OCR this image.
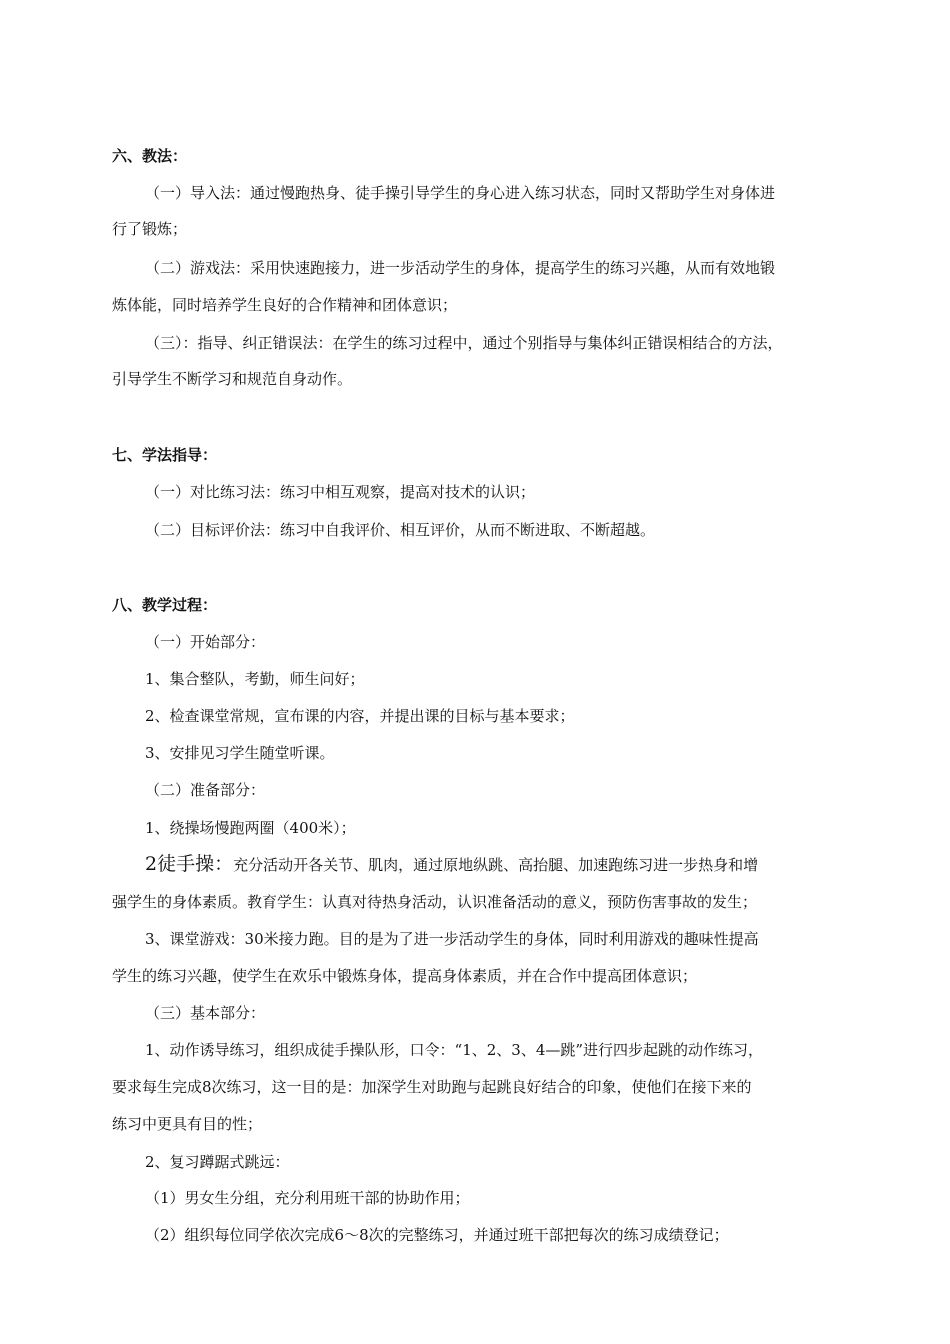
六、教法：
（一）导入法：通过慢跑热身、徒手操引导学生的身心进入练习状态，同时又帮助学生对身体进
行了锻炼；
（二）游戏法：采用快速跑接力，进一步活动学生的身体，提高学生的练习兴趣，从而有效地锻
炼体能，同时培养学生良好的合作精神和团体意识；
（三）：指导、纠正错误法：在学生的练习过程中，通过个别指导与集体纠正错误相结合的方法，
引导学生不断学习和规范自身动作。
七、学法指导：
（一）对比练习法：练习中相互观察，提高对技术的认识；
（二）目标评价法：练习中自我评价、相互评价，从而不断进取、不断超越。
八、教学过程：
（一）开始部分：
1、集合整队，考勤，师生问好；
2、检查课堂常规，宣布课的内容，并提出课的目标与基本要求；
3、安排见习学生随堂听课。
（二）准备部分：
1、绕操场慢跑两圈（400米）；
2徒手操：充分活动开各关节、肌肉，通过原地纵跳、高抬腿、加速跑练习进一步热身和增
强学生的身体素质。教育学生：认真对待热身活动，认识准备活动的意义，预防伤害事故的发生；
3、课堂游戏：30米接力跑。目的是为了进一步活动学生的身体，同时利用游戏的趣味性提高
学生的练习兴趣，使学生在欢乐中锻炼身体，提高身体素质，并在合作中提高团体意识；
（三）基本部分：
1、动作诱导练习，组织成徒手操队形，口令：“1、2、3、4—跳”进行四步起跳的动作练习，
要求每生完成8次练习，这一目的是：加深学生对助跑与起跳良好结合的印象，使他们在接下来的
练习中更具有目的性；
2、复习蹲踞式跳远：
（1）男女生分组，充分利用班干部的协助作用；
（2）组织每位同学依次完成6～8次的完整练习，并通过班干部把每次的练习成绩登记；
